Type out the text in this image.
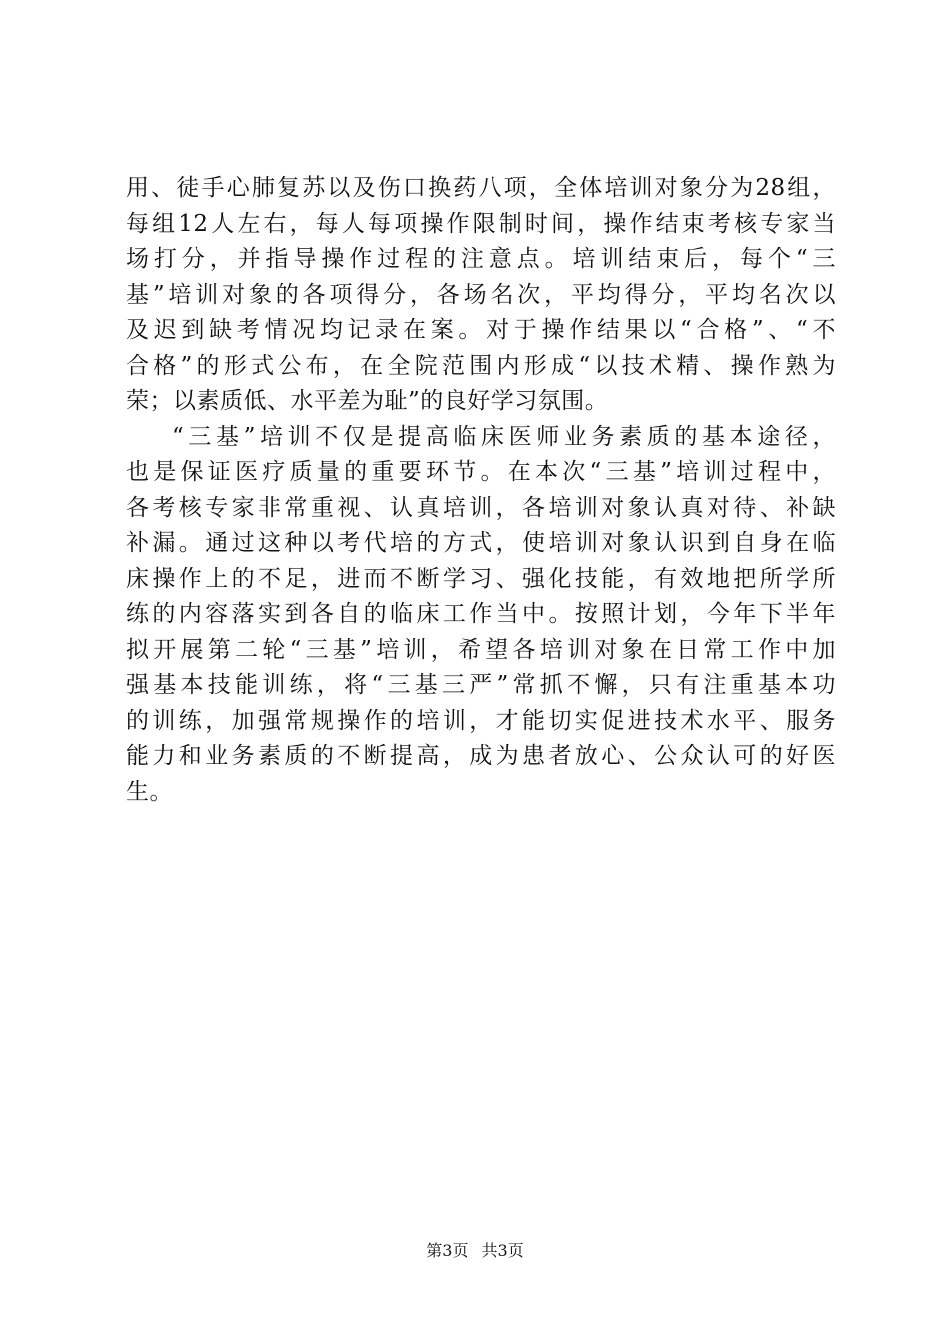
用、徒手心肺复苏以及伤口换药八项，全体培训对象分为28组，
每组12人左右，每人每项操作限制时间，操作结束考核专家当
场打分，并指导操作过程的注意点。培训结束后，每个“三
基”培训对象的各项得分，各场名次，平均得分，平均名次以
及迟到缺考情况均记录在案。对于操作结果以“合格”、“不
合格”的形式公布，在全院范围内形成“以技术精、操作熟为
荣；以素质低、水平差为耻”的良好学习氛围。
“三基”培训不仅是提高临床医师业务素质的基本途径，
也是保证医疗质量的重要环节。在本次“三基”培训过程中，
各考核专家非常重视、认真培训，各培训对象认真对待、补缺
补漏。通过这种以考代培的方式，使培训对象认识到自身在临
床操作上的不足，进而不断学习、强化技能，有效地把所学所
练的内容落实到各自的临床工作当中。按照计划，今年下半年
拟开展第二轮“三基”培训，希望各培训对象在日常工作中加
强基本技能训练，将“三基三严”常抓不懈，只有注重基本功
的训练，加强常规操作的培训，才能切实促进技术水平、服务
能力和业务素质的不断提高，成为患者放心、公众认可的好医
生。
第3页 共3页
